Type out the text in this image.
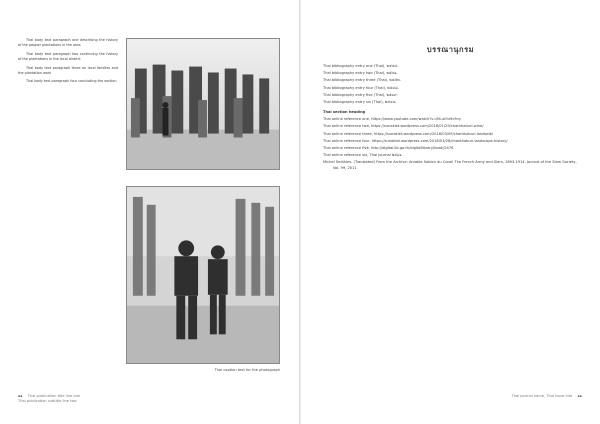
Thai body text paragraph one describing the history of the pepper plantations in the area

Thai body text paragraph two continuing the history of the plantations in the local district

Thai body text paragraph three on local families and the plantation work

Thai body text paragraph four concluding the section

Thai caption text for the photograph
๑๑ Thai publication title line one
Thai publication subtitle line two
บรรณานุกรม
Thai bibliography entry one (Thai), ๒๕๔๔.
Thai bibliography entry two (Thai), ๒๕๔๑.
Thai bibliography entry three (Thai), ๒๕๕๒.
Thai bibliography entry four (Thai), ๒๕๔๘.
Thai bibliography entry five (Thai), ๒๕๓๙.
Thai bibliography entry six (Thai), ๒๕๔๘.
Thai section heading
Thai online reference one, https://www.youtube.com/watch?v=8h-ai9u9c9ny
Thai online reference two, https://sunakiet.wordpress.com/2018/01/29/chanthaburi-wine/
Thai online reference three, https://sunakiet.wordpress.com/2018/03/09/chanthaburi-landsale/
Thai online reference four, https://sunakiet.wordpress.com/2018/03/28/chanthaburi-landscape-history/
Thai online reference five, http://digital.lib.go.th/digitallibrary/book/2476
Thai online reference six, Thai journal ๒๕๖๑.
Michel Smithies. (Translated) From the Archive: Amable Sablon du Corail The French Army and Siam, 1893-1914. Journal of the Siam Society, Vol. 99, 2011
Thai journal name, Thai issue info ๑๑
